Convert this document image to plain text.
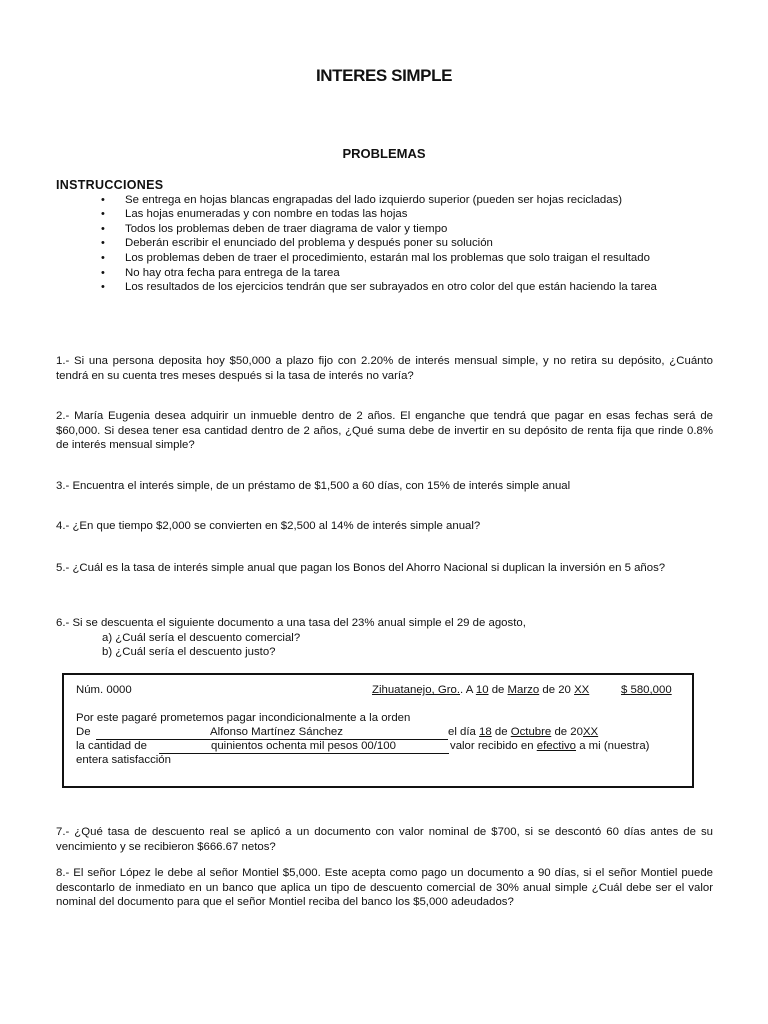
INTERES SIMPLE
PROBLEMAS
INSTRUCCIONES
• Se entrega en hojas blancas engrapadas del lado izquierdo superior (pueden ser hojas recicladas)
• Las hojas enumeradas y con nombre en todas las hojas
• Todos los problemas deben de traer diagrama de valor y tiempo
• Deberán escribir el enunciado del problema y después poner su solución
• Los problemas deben de traer el procedimiento, estarán mal los problemas que solo traigan el resultado
• No hay otra fecha para entrega de la tarea
• Los resultados de los ejercicios tendrán que ser subrayados en otro color del que están haciendo la tarea
1.- Si una persona deposita hoy $50,000 a plazo fijo con 2.20% de interés mensual simple, y no retira su depósito, ¿Cuánto tendrá en su cuenta tres meses después si la tasa de interés no varía?
2.- María Eugenia desea adquirir un inmueble dentro de 2 años. El enganche que tendrá que pagar en esas fechas será de $60,000. Si desea tener esa cantidad dentro de 2 años, ¿Qué suma debe de invertir en su depósito de renta fija que rinde 0.8% de interés mensual simple?
3.- Encuentra el interés simple, de un préstamo de $1,500 a 60 días, con 15% de interés simple anual
4.- ¿En que tiempo $2,000 se convierten en $2,500 al 14% de interés simple anual?
5.- ¿Cuál es la tasa de interés simple anual que pagan los Bonos del Ahorro Nacional si duplican la inversión en 5 años?
6.- Si se descuenta el siguiente documento a una tasa del 23% anual simple el 29 de agosto,
a) ¿Cuál sería el descuento comercial?
b) ¿Cuál sería el descuento justo?
Núm. 0000	Zihuatanejo, Gro.. A 10 de Marzo de 20 XX	$ 580,000
Por este pagaré prometemos pagar incondicionalmente a la orden
De	Alfonso Martínez Sánchez	el día 18 de Octubre de 20XX
la cantidad de	quinientos ochenta mil pesos 00/100	valor recibido en efectivo a mi (nuestra)
entera satisfacción
7.- ¿Qué tasa de descuento real se aplicó a un documento con valor nominal de $700, si se descontó 60 días antes de su vencimiento y se recibieron $666.67 netos?
8.- El señor López le debe al señor Montiel $5,000. Este acepta como pago un documento a 90 días, si el señor Montiel puede descontarlo de inmediato en un banco que aplica un tipo de descuento comercial de 30% anual simple ¿Cuál debe ser el valor nominal del documento para que el señor Montiel reciba del banco los $5,000 adeudados?
